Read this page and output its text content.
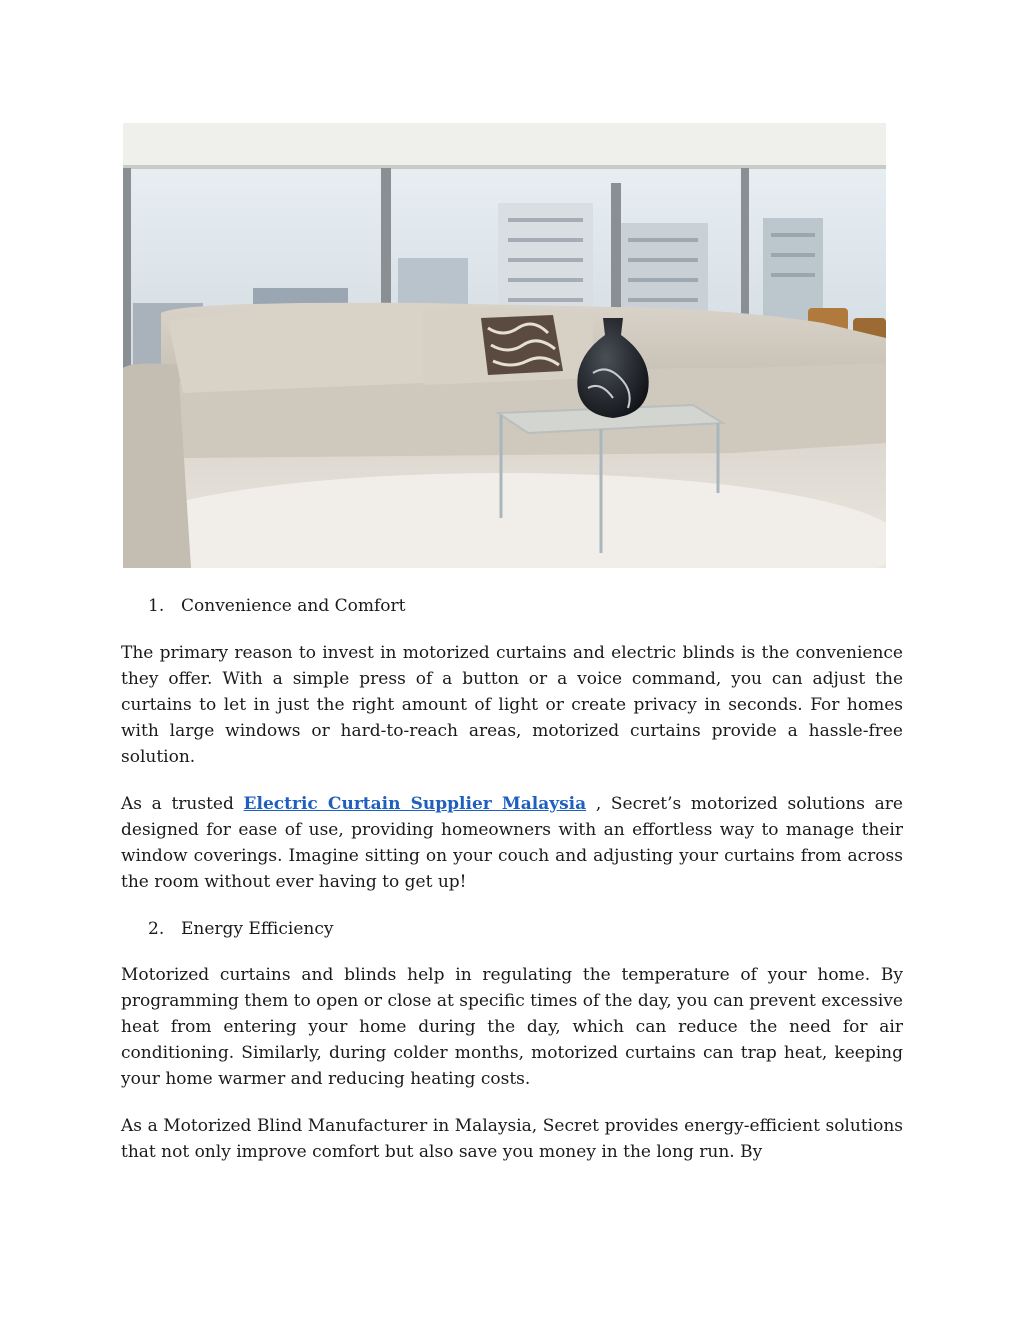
1. Convenience and Comfort

The primary reason to invest in motorized curtains and electric blinds is the convenience they offer. With a simple press of a button or a voice command, you can adjust the curtains to let in just the right amount of light or create privacy in seconds. For homes with large windows or hard-to-reach areas, motorized curtains provide a hassle-free solution.

As a trusted Electric Curtain Supplier Malaysia , Secret’s motorized solutions are designed for ease of use, providing homeowners with an effortless way to manage their window coverings. Imagine sitting on your couch and adjusting your curtains from across the room without ever having to get up!

2. Energy Efficiency

Motorized curtains and blinds help in regulating the temperature of your home. By programming them to open or close at specific times of the day, you can prevent excessive heat from entering your home during the day, which can reduce the need for air conditioning. Similarly, during colder months, motorized curtains can trap heat, keeping your home warmer and reducing heating costs.

As a Motorized Blind Manufacturer in Malaysia, Secret provides energy-efficient solutions that not only improve comfort but also save you money in the long run. By
